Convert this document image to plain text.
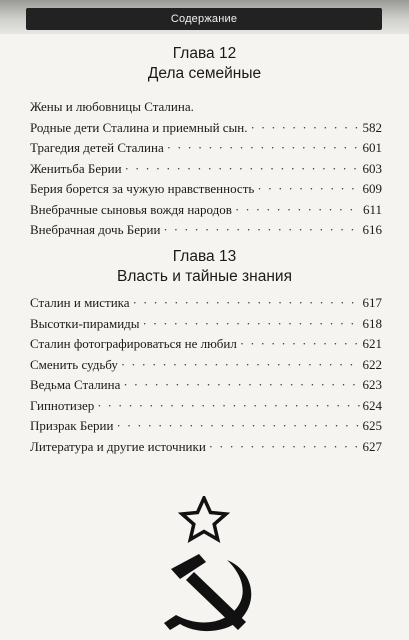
Содержание
Глава 12
Дела семейные
Жены и любовницы Сталина.
Родные дети Сталина и приемный сын. · · ·	582
Трагедия детей Сталина · · ·	601
Женитьба Берии · · ·	603
Берия борется за чужую нравственность · · ·	609
Внебрачные сыновья вождя народов · · ·	611
Внебрачная дочь Берии · · ·	616
Глава 13
Власть и тайные знания
Сталин и мистика · · ·	617
Высотки-пирамиды · · ·	618
Сталин фотографироваться не любил · · ·	621
Сменить судьбу · · ·	622
Ведьма Сталина · · ·	623
Гипнотизер · · ·	624
Призрак Берии · · ·	625
Литература и другие источники · · ·	627
